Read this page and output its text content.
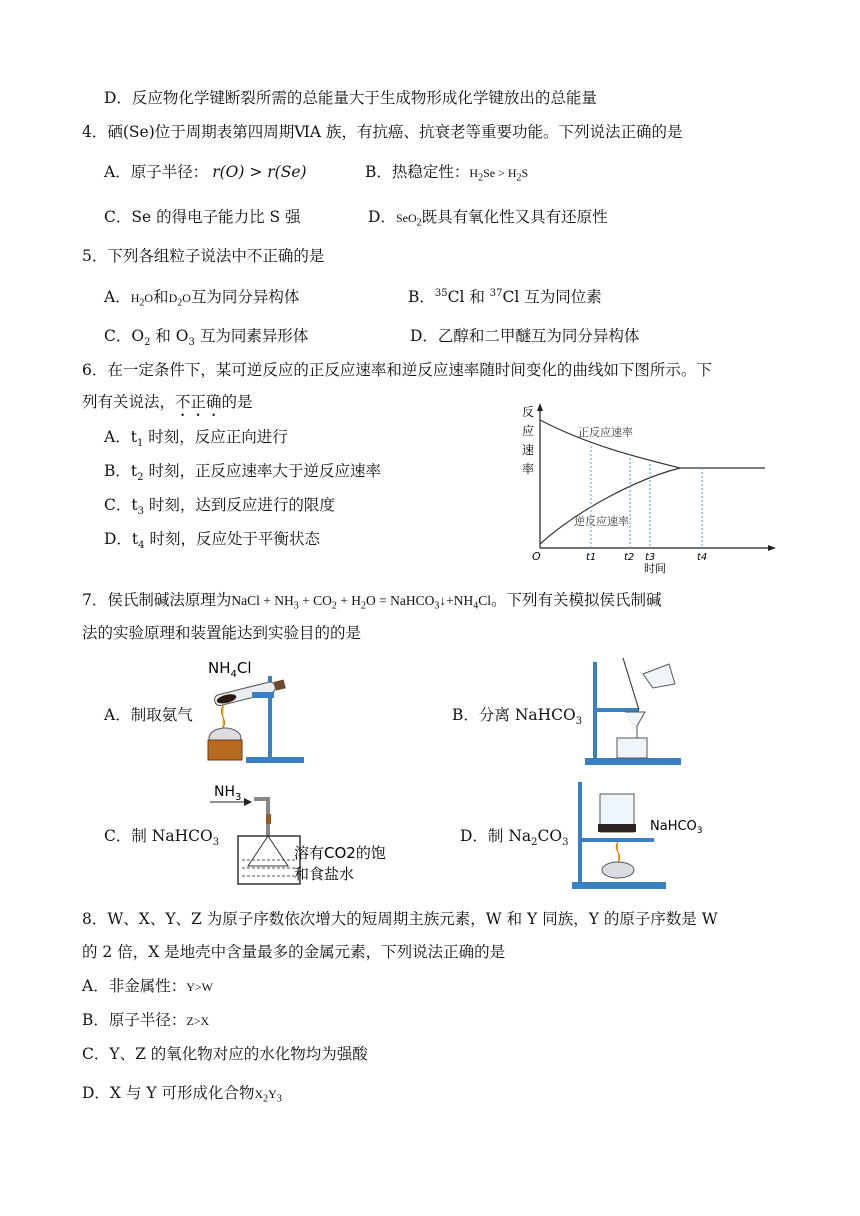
D．反应物化学键断裂所需的总能量大于生成物形成化学键放出的总能量
4．硒(Se)位于周期表第四周期ⅥA 族，有抗癌、抗衰老等重要功能。下列说法正确的是
A．原子半径： r(O) > r(Se)	B．热稳定性：$H_2Se > H_2S$
C．Se 的得电子能力比 S 强	D．SeO$_2$既具有氧化性又具有还原性
5．下列各组粒子说法中不正确的是
A．$H_2O$和$D_2O$互为同分异构体	B．$^{35}$Cl 和 $^{37}$Cl 互为同位素
C．$O_2$ 和 $O_3$ 互为同素异形体	D．乙醇和二甲醚互为同分异构体
6．在一定条件下，某可逆反应的正反应速率和逆反应速率随时间变化的曲线如下图所示。下
列有关说法，不正确的是
A．$t_1$ 时刻，反应正向进行
B．$t_2$ 时刻，正反应速率大于逆反应速率
C．$t_3$ 时刻，达到反应进行的限度
D．$t_4$ 时刻，反应处于平衡状态
反
应
速
率
正反应速率
逆反应速率
O	t1	t2 t3	t4
时间
7．侯氏制碱法原理为NaCl + $NH_3 + CO_2 + H_2O$ = $NaHCO_3↓+NH_4Cl$。下列有关模拟侯氏制碱
法的实验原理和装置能达到实验目的的是
A．制取氨气	B．分离 NaHCO$_3$
C．制 NaHCO$_3$	D．制 $Na_2CO_3$
$NH_4Cl$
$NH_3$
溶有CO2的饱
和食盐水
NaHCO$_3$
8．W、X、Y、Z 为原子序数依次增大的短周期主族元素，W 和 Y 同族，Y 的原子序数是 W
的 2 倍，X 是地壳中含量最多的金属元素，下列说法正确的是
A．非金属性：Y>W
B．原子半径：Z>X
C．Y、Z 的氧化物对应的水化物均为强酸
D．X 与 Y 可形成化合物$X_2Y_3$
